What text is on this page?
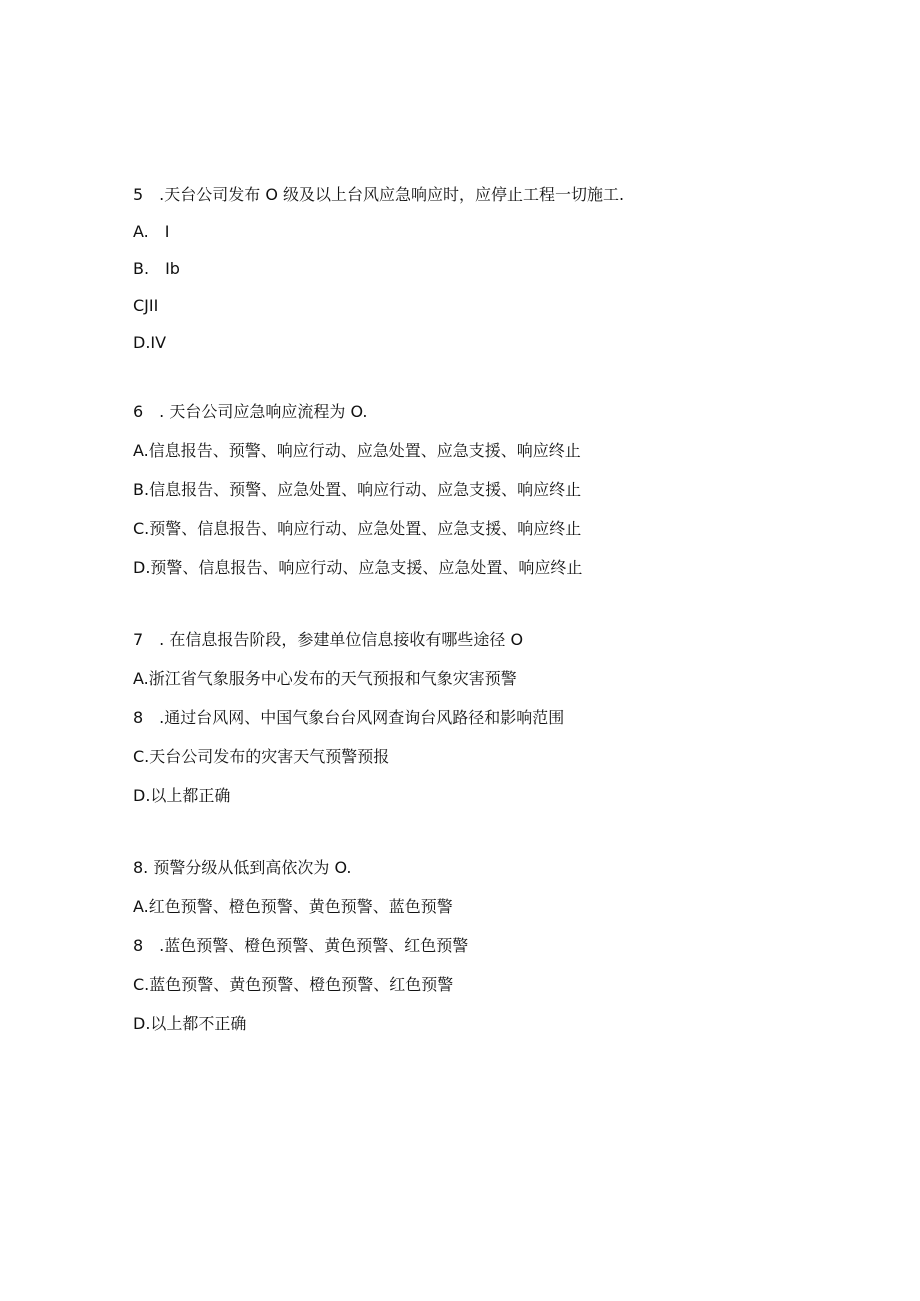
5　.天台公司发布 O 级及以上台风应急响应时，应停止工程一切施工.
A.　I
B.　Ib
CJII
D.IV
6　. 天台公司应急响应流程为 O.
A.信息报告、预警、响应行动、应急处置、应急支援、响应终止
B.信息报告、预警、应急处置、响应行动、应急支援、响应终止
C.预警、信息报告、响应行动、应急处置、应急支援、响应终止
D.预警、信息报告、响应行动、应急支援、应急处置、响应终止
7　. 在信息报告阶段，参建单位信息接收有哪些途径 O
A.浙江省气象服务中心发布的天气预报和气象灾害预警
8　.通过台风网、中国气象台台风网查询台风路径和影响范围
C.天台公司发布的灾害天气预警预报
D.以上都正确
8. 预警分级从低到高依次为 O.
A.红色预警、橙色预警、黄色预警、蓝色预警
8　.蓝色预警、橙色预警、黄色预警、红色预警
C.蓝色预警、黄色预警、橙色预警、红色预警
D.以上都不正确
